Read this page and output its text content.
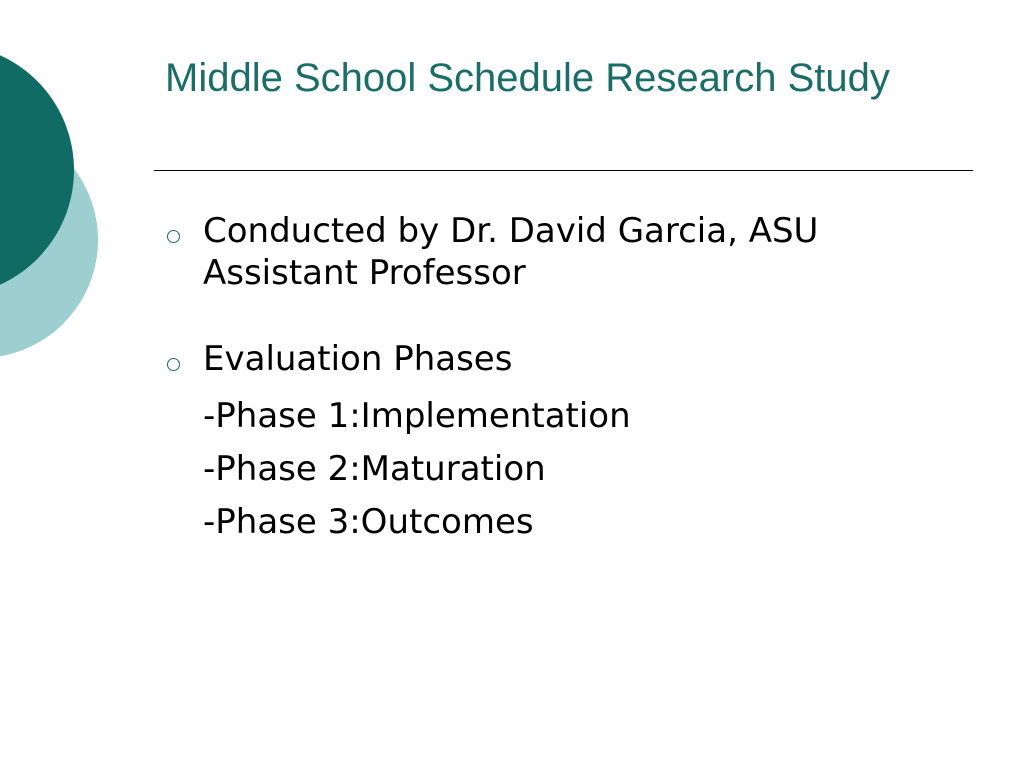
Middle School Schedule Research Study
Conducted by Dr. David Garcia, ASU Assistant Professor
Evaluation Phases
-Phase 1:Implementation
-Phase 2:Maturation
-Phase 3:Outcomes
